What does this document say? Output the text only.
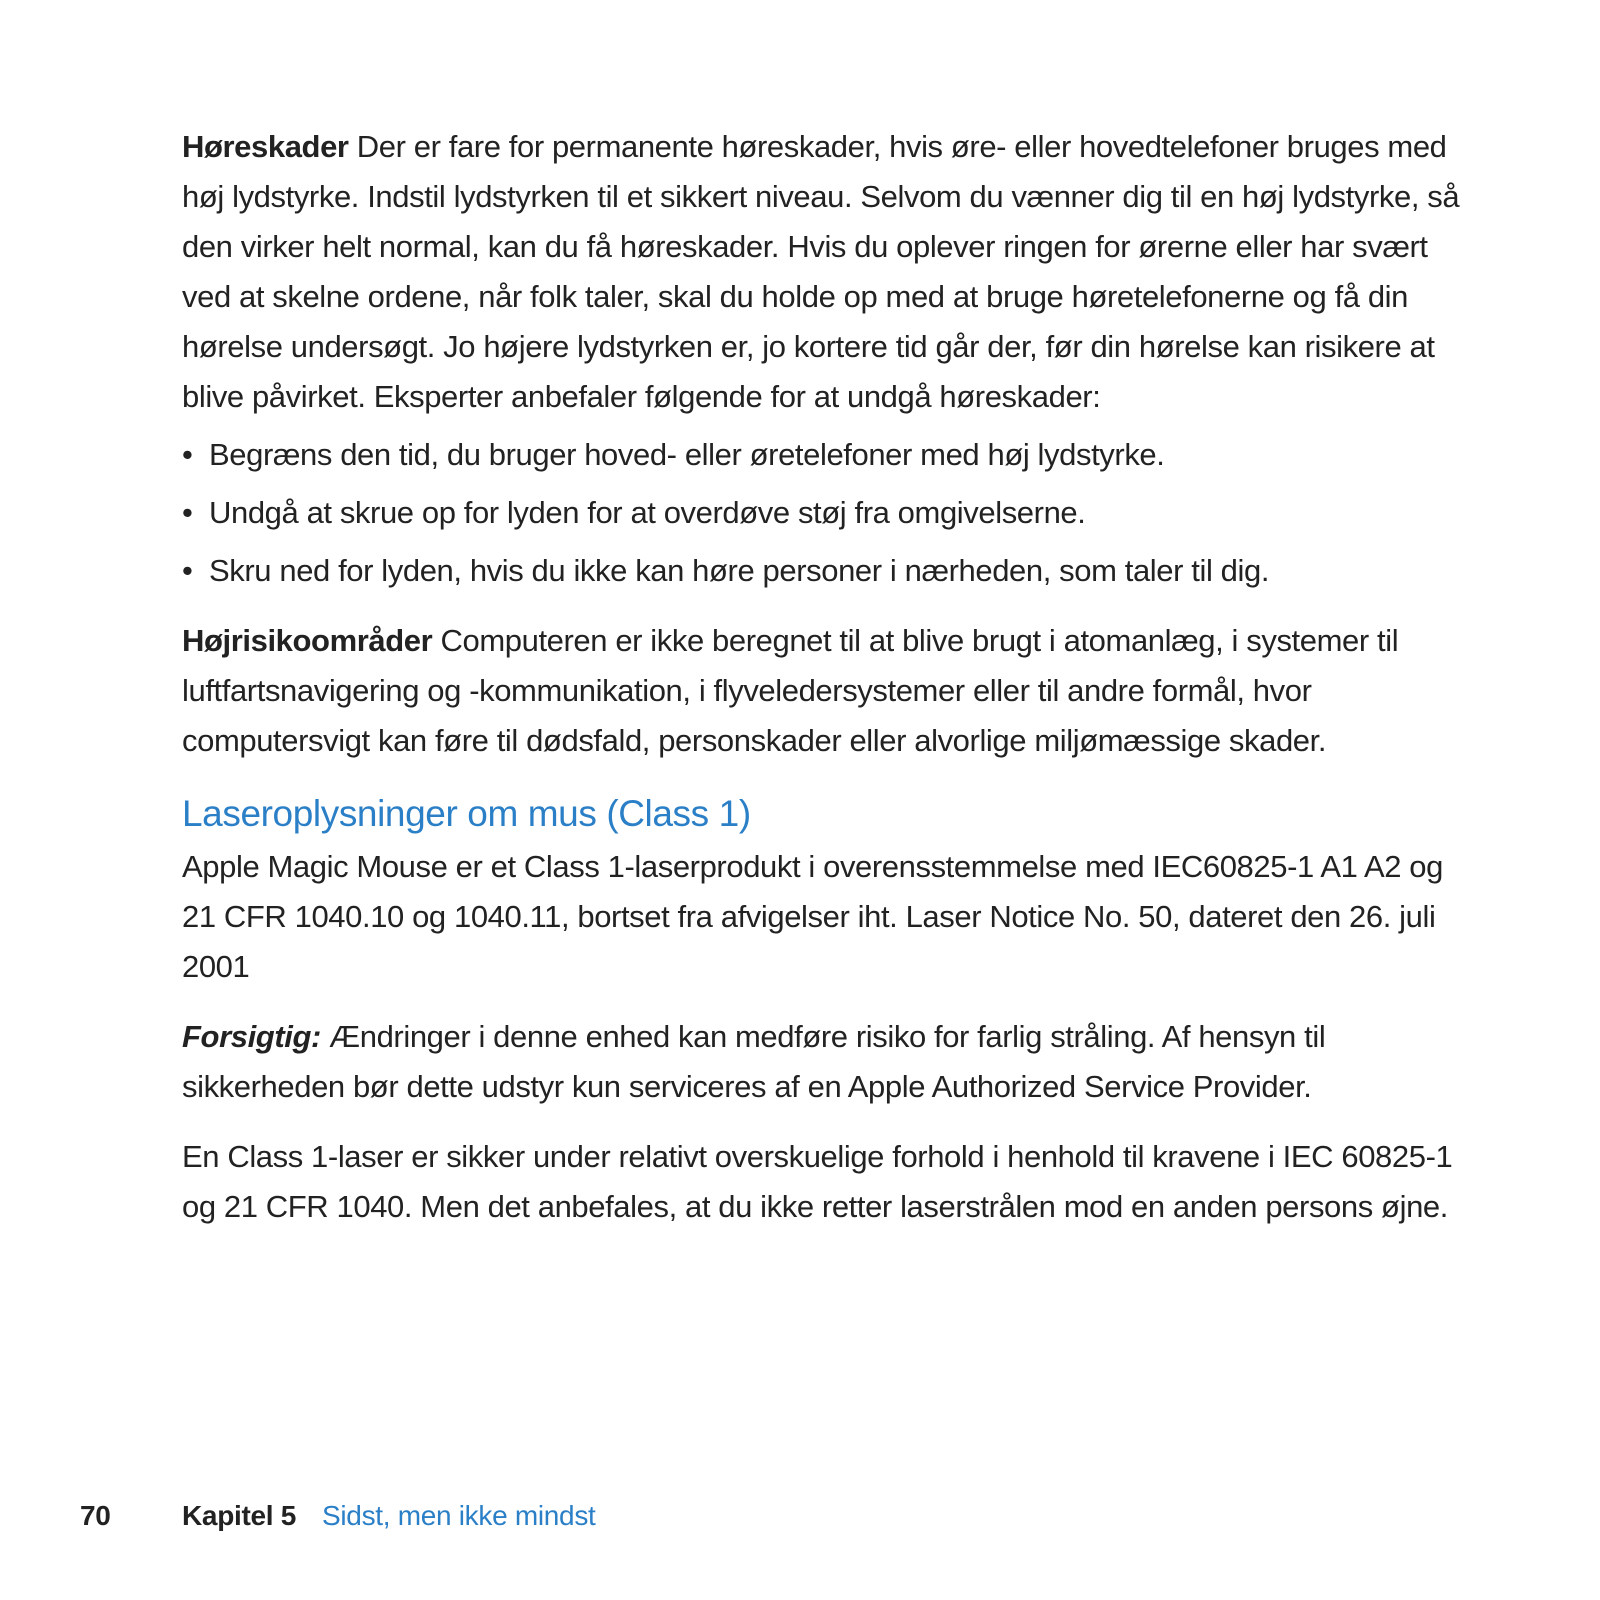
Høreskader Der er fare for permanente høreskader, hvis øre- eller hovedtelefoner bruges med høj lydstyrke. Indstil lydstyrken til et sikkert niveau. Selvom du vænner dig til en høj lydstyrke, så den virker helt normal, kan du få høreskader. Hvis du oplever ringen for ørerne eller har svært ved at skelne ordene, når folk taler, skal du holde op med at bruge høretelefonerne og få din hørelse undersøgt. Jo højere lydstyrken er, jo kortere tid går der, før din hørelse kan risikere at blive påvirket. Eksperter anbefaler følgende for at undgå høreskader:

• Begræns den tid, du bruger hoved- eller øretelefoner med høj lydstyrke.
• Undgå at skrue op for lyden for at overdøve støj fra omgivelserne.
• Skru ned for lyden, hvis du ikke kan høre personer i nærheden, som taler til dig.

Højrisikoområder Computeren er ikke beregnet til at blive brugt i atomanlæg, i systemer til luftfartsnavigering og -kommunikation, i flyveledersystemer eller til andre formål, hvor computersvigt kan føre til dødsfald, personskader eller alvorlige miljømæssige skader.

Laseroplysninger om mus (Class 1)

Apple Magic Mouse er et Class 1-laserprodukt i overensstemmelse med IEC60825-1 A1 A2 og 21 CFR 1040.10 og 1040.11, bortset fra afvigelser iht. Laser Notice No. 50, dateret den 26. juli 2001

Forsigtig: Ændringer i denne enhed kan medføre risiko for farlig stråling. Af hensyn til sikkerheden bør dette udstyr kun serviceres af en Apple Authorized Service Provider.

En Class 1-laser er sikker under relativt overskuelige forhold i henhold til kravene i IEC 60825-1 og 21 CFR 1040. Men det anbefales, at du ikke retter laserstrålen mod en anden persons øjne.

70	Kapitel 5 Sidst, men ikke mindst
